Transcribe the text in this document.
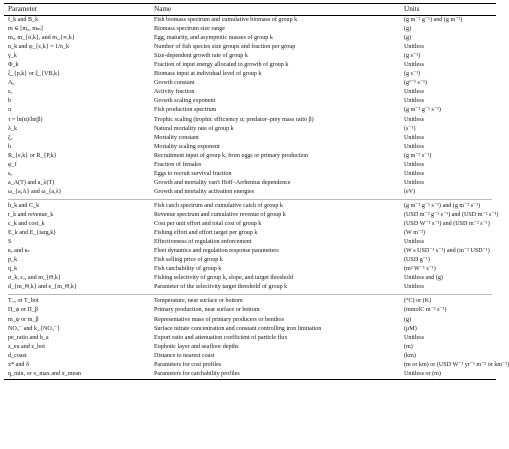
Parameter	Name	Units
f_k and B_k	Fish biomass spectrum and cumulative biomass of group k	(g m⁻² g⁻¹) and (g m⁻²)
m ∈ [m₀, mₘ]	Biomass spectrum size range	(g)
mₑ, m_{σ,k}, and m_{∞,k}	Egg, maturity, and asymptotic masses of group k	(g)
n_k and φ_{c,k} = 1/n_k	Number of fish species size groups and fraction per group	Unitless
γ_k	Size-dependent growth rate of group k	(g s⁻¹)
Φ_k	Fraction of input energy allocated to growth of group k	Unitless
ξ_{p,k} or ξ_{VB,k}	Biomass input at individual level of group k	(g s⁻¹)
A₀	Growth constant	(g¹⁻ᵇ s⁻¹)
εₐ	Activity fraction	Unitless
b	Growth scaling exponent	Unitless
π	Fish production spectrum	(g m⁻² g⁻¹ s⁻¹)
τ = ln(α)/ln(β)	Trophic scaling (trophic efficiency α; predator–prey mass ratio β)	Unitless
λ_k	Natural mortality rate of group k	(s⁻¹)
ζ₁	Mortality constant	Unitless
h	Mortality scaling exponent	Unitless
R_{e,k} or R_{P,k}	Recruitment input of group k, from eggs or primary production	(g m⁻² s⁻¹)
φ_f	Fraction of females	Unitless
sₑ	Eggs to recruit survival fraction	Unitless
a_A(T) and a_λ(T)	Growth and mortality van't Hoff–Arrhenius dependence	Unitless
ω_{a,A} and ω_{a,λ}	Growth and mortality activation energies	(eV)
h_k and C_k	Fish catch spectrum and cumulative catch of group k	(g m⁻² g⁻¹ s⁻¹) and (g m⁻² s⁻¹)
r_k and revenue_k	Revenue spectrum and cumulative revenue of group k	(USD m⁻² g⁻¹ s⁻¹) and (USD m⁻² s⁻¹)
c_k and cost_k	Cost per unit effort and total cost of group k	(USD W⁻¹ s⁻¹) and (USD m⁻² s⁻¹)
E_k and E_{targ,k}	Fishing effort and effort target per group k	(W m⁻²)
S	Effectiveness of regulation enforcement	Unitless
κₑ and κₛ	Fleet dynamics and regulation response parameters	(W s USD⁻¹ s⁻¹) and (m⁻² USD⁻¹)
p_k	Fish selling price of group k	(USD g⁻¹)
q_k	Fish catchability of group k	(m² W⁻¹ s⁻¹)
σ_k, cₒ, and m_{Θ,k}	Fishing selectivity of group k, slope, and target threshold	Unitless and (g)
d_{m_Θ,k} and e_{m_Θ,k}	Parameter of the selectivity target threshold of group k	Unitless
T₇₅ or T_bot	Temperature, near surface or bottom	(°C) or (K)
Π_ψ or Π_β	Primary production, near surface or bottom	(mmolC m⁻² s⁻¹)
m_ψ or m_β	Representative mass of primary producers or benthos	(g)
NO₃⁻ and k_{NO₃⁻}	Surface nitrate concentration and constant controlling iron limitation	(μM)
pe_ratio and b_a	Export ratio and attenuation coefficient of particle flux	Unitless
z_eu and z_bot	Euphotic layer and seafloor depths	(m)
d_coast	Distance to nearest coast	(km)
x* and δ	Parameters for cost profiles	(m or km) or (USD W⁻¹ yr⁻¹ m⁻² or km⁻¹)
q_min, or x_max and x_mean	Parameters for catchability profiles	Unitless or (m)
